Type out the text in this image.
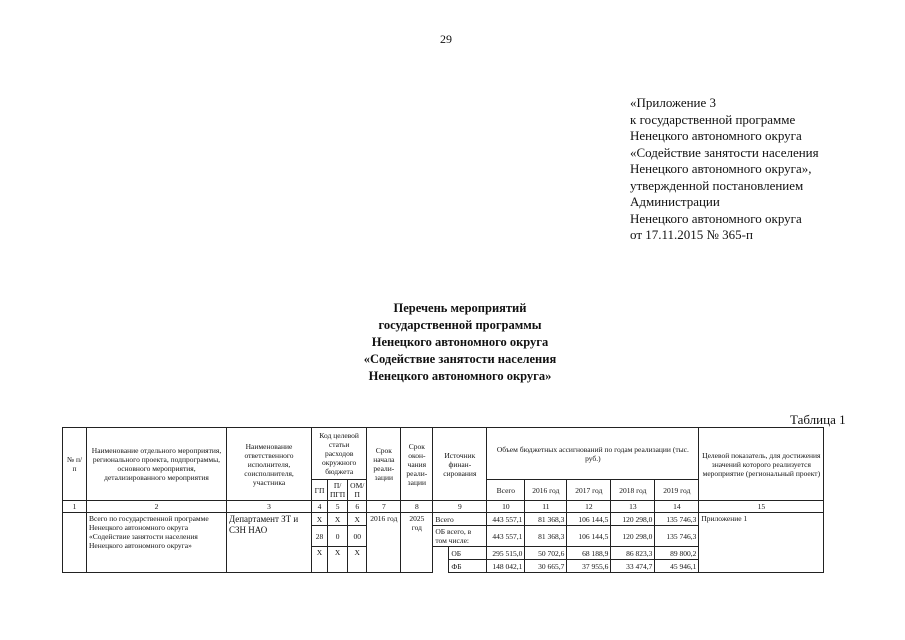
29
«Приложение 3
к государственной программе
Ненецкого автономного округа
«Содействие занятости населения
Ненецкого автономного округа»,
утвержденной постановлением
Администрации
Ненецкого автономного округа
от 17.11.2015 № 365-п
Перечень мероприятий
государственной программы
Ненецкого автономного округа
«Содействие занятости населения
Ненецкого автономного округа»
Таблица 1
№ п/п	Наименование отдельного мероприятия, регионального проекта, подпрограммы, основного мероприятия, детализированного мероприятия	Наименование ответственного исполнителя, соисполнителя, участника	Код целевой статьи расходов окружного бюджета			Срок начала реали-зации	Срок окон-чания реали-зации	Источник финан-сирования		Объем бюджетных ассигнований по годам реализации (тыс. руб.)					Целевой показатель, для достижения значений которого реализуется мероприятие (региональный проект)

			ГП	П/ПГП	ОМ/П					Всего	2016 год	2017 год	2018 год	2019 год	
1	2	3	4	5	6	7	8	9		10	11	12	13	14	15
	Всего по государственной программе Ненецкого автономного округа «Содействие занятости населения Ненецкого автономного округа»	Департамент ЗТ и СЗН НАО	Х	Х	Х	2016 год	2025 год	Всего		443 557,1	81 368,3	106 144,5	120 298,0	135 746,3	Приложение 1
			28	0	00			ОБ всего, в том числе:		443 557,1	81 368,3	106 144,5	120 298,0	135 746,3	
			Х	Х	Х				ОБ	295 515,0	50 702,6	68 188,9	86 823,3	89 800,2	
									ФБ	148 042,1	30 665,7	37 955,6	33 474,7	45 946,1	
